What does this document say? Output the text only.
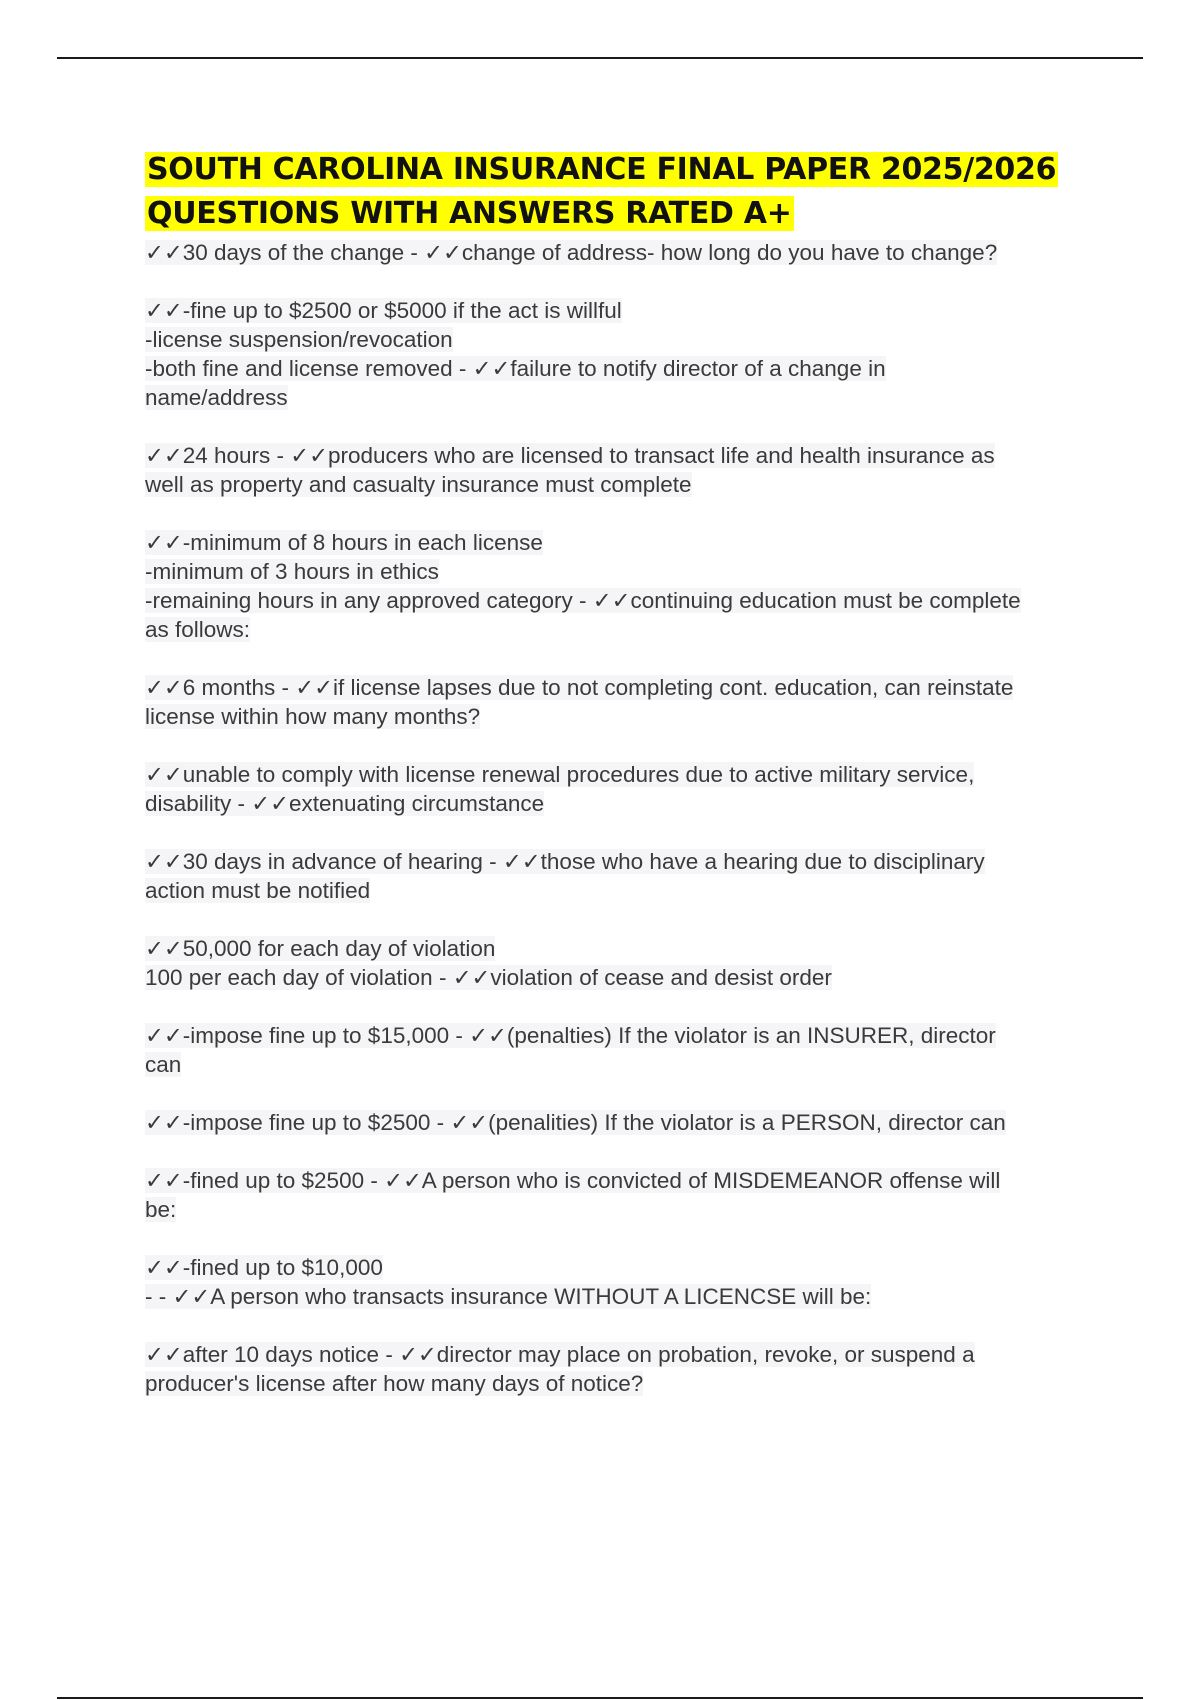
SOUTH CAROLINA INSURANCE FINAL PAPER 2025/2026
QUESTIONS WITH ANSWERS RATED A+
✓✓30 days of the change - ✓✓change of address- how long do you have to change?
✓✓-fine up to $2500 or $5000 if the act is willful
-license suspension/revocation
-both fine and license removed - ✓✓failure to notify director of a change in
name/address
✓✓24 hours - ✓✓producers who are licensed to transact life and health insurance as
well as property and casualty insurance must complete
✓✓-minimum of 8 hours in each license
-minimum of 3 hours in ethics
-remaining hours in any approved category - ✓✓continuing education must be complete
as follows:
✓✓6 months - ✓✓if license lapses due to not completing cont. education, can reinstate
license within how many months?
✓✓unable to comply with license renewal procedures due to active military service,
disability - ✓✓extenuating circumstance
✓✓30 days in advance of hearing - ✓✓those who have a hearing due to disciplinary
action must be notified
✓✓50,000 for each day of violation
100 per each day of violation - ✓✓violation of cease and desist order
✓✓-impose fine up to $15,000 - ✓✓(penalties) If the violator is an INSURER, director
can
✓✓-impose fine up to $2500 - ✓✓(penalities) If the violator is a PERSON, director can
✓✓-fined up to $2500 - ✓✓A person who is convicted of MISDEMEANOR offense will
be:
✓✓-fined up to $10,000
- - ✓✓A person who transacts insurance WITHOUT A LICENCSE will be:
✓✓after 10 days notice - ✓✓director may place on probation, revoke, or suspend a
producer's license after how many days of notice?
